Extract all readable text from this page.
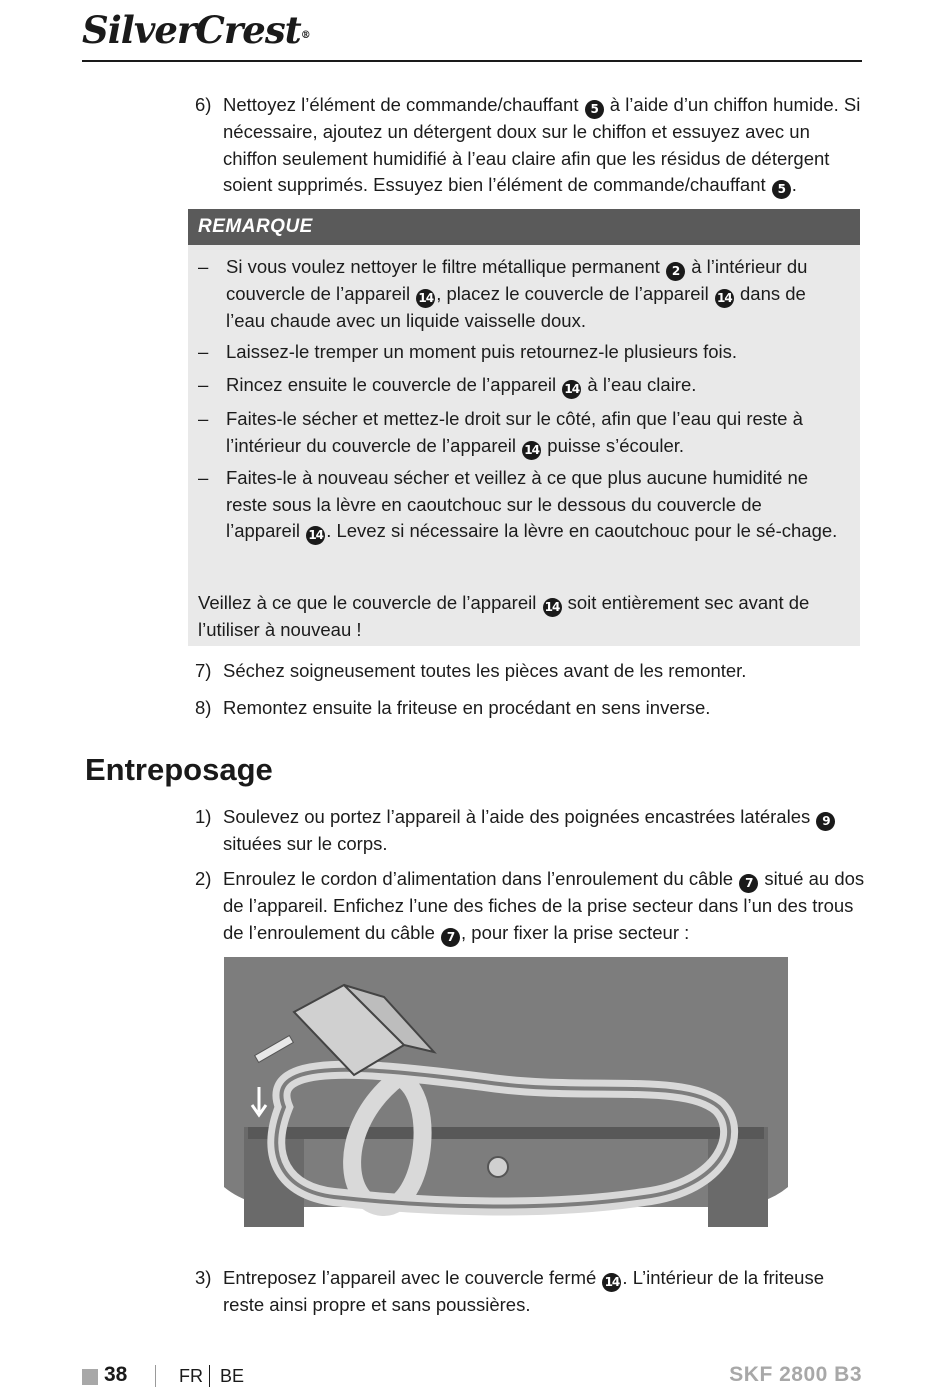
SilverCrest®
6) Nettoyez l’élément de commande/chauffant 5 à l’aide d’un chiffon humide. Si nécessaire, ajoutez un détergent doux sur le chiffon et essuyez avec un chiffon seulement humidifié à l’eau claire afin que les résidus de détergent soient supprimés. Essuyez bien l’élément de commande/chauffant 5 .
REMARQUE
– Si vous voulez nettoyer le filtre métallique permanent 2 à l’intérieur du couvercle de l’appareil 14 , placez le couvercle de l’appareil 14 dans de l’eau chaude avec un liquide vaisselle doux.
– Laissez-le tremper un moment puis retournez-le plusieurs fois.
– Rincez ensuite le couvercle de l’appareil 14 à l’eau claire.
– Faites-le sécher et mettez-le droit sur le côté, afin que l’eau qui reste à l’intérieur du couvercle de l’appareil 14 puisse s’écouler.
– Faites-le à nouveau sécher et veillez à ce que plus aucune humidité ne reste sous la lèvre en caoutchouc sur le dessous du couvercle de l’appareil 14 . Levez si nécessaire la lèvre en caoutchouc pour le sé-chage.
Veillez à ce que le couvercle de l’appareil 14 soit entièrement sec avant de l’utiliser à nouveau !
7) Séchez soigneusement toutes les pièces avant de les remonter.
8) Remontez ensuite la friteuse en procédant en sens inverse.
Entreposage
1) Soulevez ou portez l’appareil à l’aide des poignées encastrées latérales 9 situées sur le corps.
2) Enroulez le cordon d’alimentation dans l’enroulement du câble 7 situé au dos de l’appareil. Enfichez l’une des fiches de la prise secteur dans l’un des trous de l’enroulement du câble 7 , pour fixer la prise secteur :
3) Entreposez l’appareil avec le couvercle fermé 14 . L’intérieur de la friteuse reste ainsi propre et sans poussières.
38	FR BE	SKF 2800 B3
